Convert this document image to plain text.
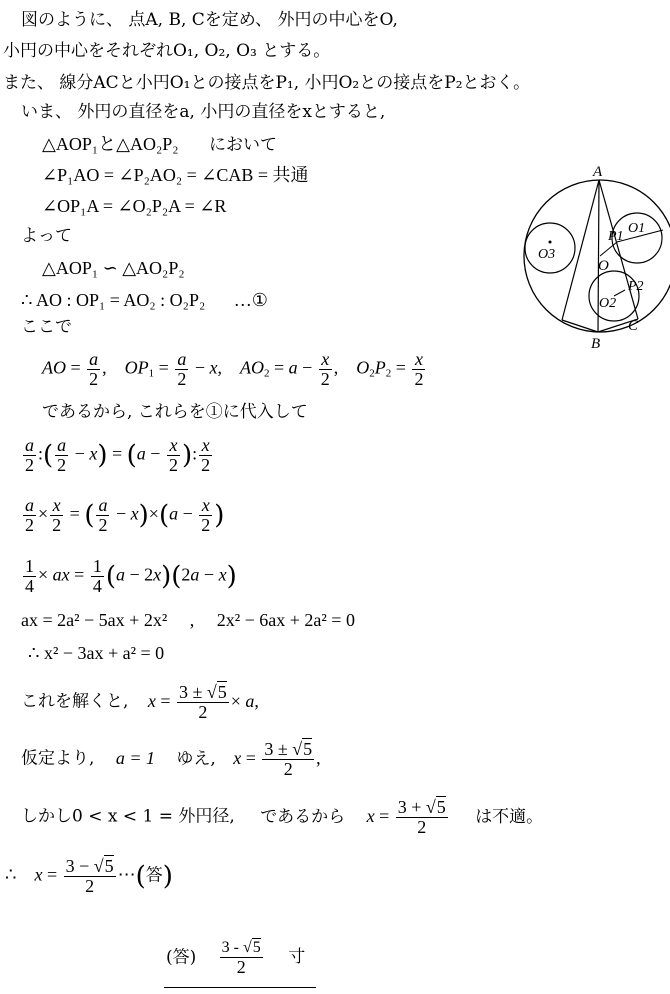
A
B
C
O
O1
O2
O3
P1
P2
図のように、 点A, B, Cを定め、 外円の中心をO,
小円の中心をそれぞれO₁, O₂, O₃ とする。
また、 線分ACと小円O₁との接点をP₁, 小円O₂との接点をP₂とおく。
いま、 外円の直径をa, 小円の直径をxとすると,
△AOP₁と△AO₂P₂ において
∠P₁AO = ∠P₂AO₂ = ∠CAB = 共通
∠OP₁A = ∠O₂P₂A = ∠R
よって
△AOP₁ ∽ △AO₂P₂
∴ AO : OP₁ = AO₂ : O₂P₂ …①
ここで
AO = $\frac{a}{2}$ ,    $OP_1 = \frac{a}{2} - x$,    $AO_2 = a - \frac{x}{2}$ ,    $O_2P_2 = \frac{x}{2}$
であるから, これらを①に代入して
$\frac{a}{2}$ :( $\frac{a}{2} - x) = (a - \frac{x}{2}$ ): $\frac{x}{2}$
$\frac{a}{2} \times \frac{x}{2}$ = ( $\frac{a}{2} - x)\times(a - \frac{x}{2}$ )
$\frac{1}{4}$ × ax = $\frac{1}{4} (a - 2x)(2a - x)$
ax = 2a² − 5ax + 2x² , 2x² − 6ax + 2a² = 0
∴ x² − 3ax + a² = 0
これを解くと, $x = \frac{3 \pm √5}{2} \times a$,
仮定より, a = 1 ゆえ, $x = \frac{3 \pm √5}{2}$ ,
しかし0 < x < 1 = 外円径, であるから $x = \frac{3 + √5}{2}$ は不適。
∴    $x = \frac{3 - √5}{2}$ ⋯(答)
(答) $\frac{3 - √5}{2}$ 寸
